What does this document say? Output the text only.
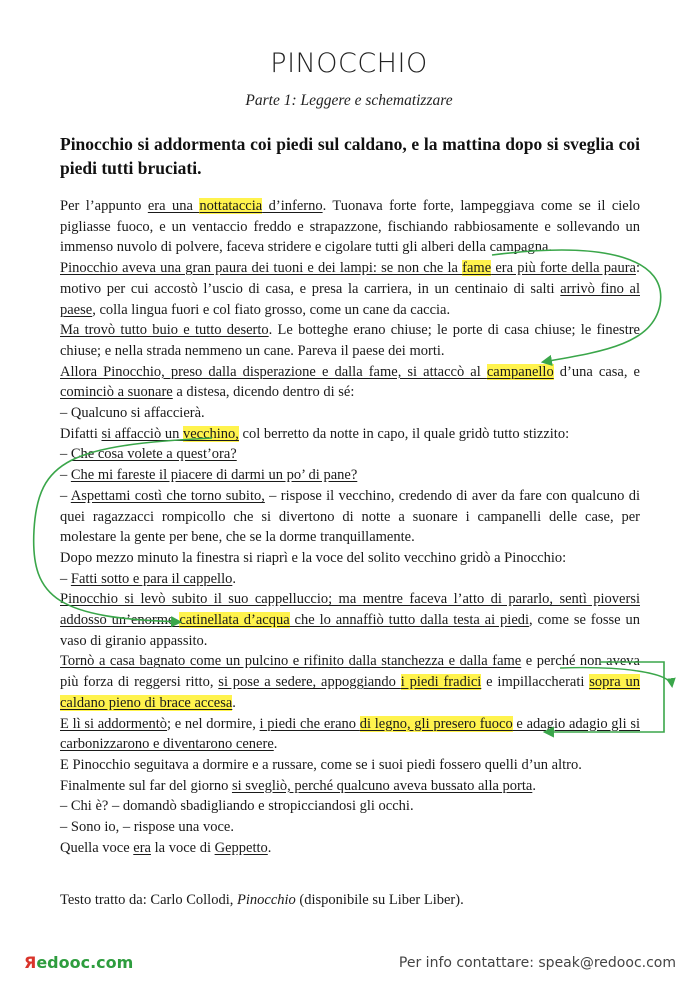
PINOCCHIO
Parte 1: Leggere e schematizzare
Pinocchio si addormenta coi piedi sul caldano, e la mattina dopo si sveglia coi piedi tutti bruciati.
Per l’appunto era una nottataccia d’inferno. Tuonava forte forte, lampeggiava come se il cielo pigliasse fuoco, e un ventaccio freddo e strapazzone, fischiando rabbiosamente e sollevando un immenso nuvolo di polvere, faceva stridere e cigolare tutti gli alberi della campagna.
Pinocchio aveva una gran paura dei tuoni e dei lampi: se non che la fame era più forte della paura: motivo per cui accostò l’uscio di casa, e presa la carriera, in un centinaio di salti arrivò fino al paese, colla lingua fuori e col fiato grosso, come un cane da caccia.
Ma trovò tutto buio e tutto deserto. Le botteghe erano chiuse; le porte di casa chiuse; le finestre chiuse; e nella strada nemmeno un cane. Pareva il paese dei morti.
Allora Pinocchio, preso dalla disperazione e dalla fame, si attaccò al campanello d’una casa, e cominciò a suonare a distesa, dicendo dentro di sé:
– Qualcuno si affaccierà.
Difatti si affacciò un vecchino, col berretto da notte in capo, il quale gridò tutto stizzito:
– Che cosa volete a quest’ora?
– Che mi fareste il piacere di darmi un po’ di pane?
– Aspettami costì che torno subito, – rispose il vecchino, credendo di aver da fare con qualcuno di quei ragazzacci rompicollo che si divertono di notte a suonare i campanelli delle case, per molestare la gente per bene, che se la dorme tranquillamente.
Dopo mezzo minuto la finestra si riaprì e la voce del solito vecchino gridò a Pinocchio:
– Fatti sotto e para il cappello.
Pinocchio si levò subito il suo cappelluccio; ma mentre faceva l’atto di pararlo, sentì pioversi addosso un’enorme catinellata d’acqua che lo annaffiò tutto dalla testa ai piedi, come se fosse un vaso di giranio appassito.
Tornò a casa bagnato come un pulcino e rifinito dalla stanchezza e dalla fame e perché non aveva più forza di reggersi ritto, si pose a sedere, appoggiando i piedi fradici e impillaccherati sopra un caldano pieno di brace accesa.
E lì si addormentò; e nel dormire, i piedi che erano di legno, gli presero fuoco e adagio adagio gli si carbonizzarono e diventarono cenere.
E Pinocchio seguitava a dormire e a russare, come se i suoi piedi fossero quelli d’un altro.
Finalmente sul far del giorno si svegliò, perché qualcuno aveva bussato alla porta.
– Chi è? – domandò sbadigliando e stropicciandosi gli occhi.
– Sono io, – rispose una voce.
Quella voce era la voce di Geppetto.
Testo tratto da: Carlo Collodi, Pinocchio (disponibile su Liber Liber).
Яedooc.com	Per info contattare: speak@redooc.com
